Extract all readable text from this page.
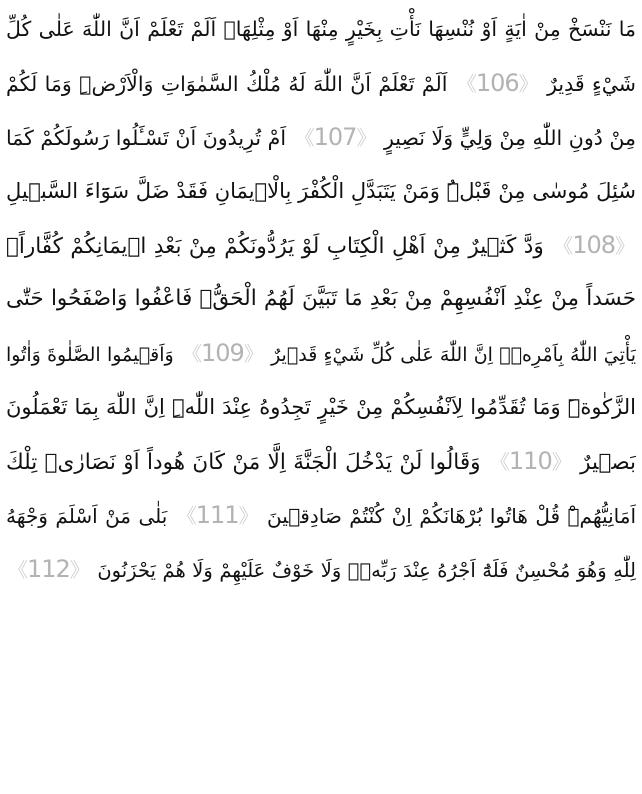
مَا نَنْسَخْ مِنْ اٰيَةٍ اَوْ نُنْسِهَا نَأْتِ بِخَيْرٍ مِنْهَا اَوْ مِثْلِهَاۜ اَلَمْ تَعْلَمْ اَنَّ اللّٰهَ عَلٰى كُلِّ
شَيْءٍ قَدِيرٌ 《106》 اَلَمْ تَعْلَمْ اَنَّ اللّٰهَ لَهُ مُلْكُ السَّمٰوَاتِ وَالْاَرْضِۜ وَمَا لَكُمْ
مِنْ دُونِ اللّٰهِ مِنْ وَلِيٍّ وَلَا نَصِيرٍ 《107》 اَمْ تُرِيدُونَ اَنْ تَسْـَٔلُوا رَسُولَكُمْ كَمَا
سُئِلَ مُوسٰى مِنْ قَبْلُۜ وَمَنْ يَتَبَدَّلِ الْكُفْرَ بِالْا۪يمَانِ فَقَدْ ضَلَّ سَوَٓاءَ السَّب۪يلِ
《108》 وَدَّ كَث۪يرٌ مِنْ اَهْلِ الْكِتَابِ لَوْ يَرُدُّونَكُمْ مِنْ بَعْدِ ا۪يمَانِكُمْ كُفَّاراًۚ
حَسَداً مِنْ عِنْدِ اَنْفُسِهِمْ مِنْ بَعْدِ مَا تَبَيَّنَ لَهُمُ الْحَقُّۚ فَاعْفُوا وَاصْفَحُوا حَتّٰى
يَأْتِيَ اللّٰهُ بِاَمْرِه۪ۜ اِنَّ اللّٰهَ عَلٰى كُلِّ شَيْءٍ قَد۪يرٌ 《109》 وَاَق۪يمُوا الصَّلٰوةَ وَاٰتُوا
الزَّكٰوةَۜ وَمَا تُقَدِّمُوا لِاَنْفُسِكُمْ مِنْ خَيْرٍ تَجِدُوهُ عِنْدَ اللّٰهِۜ اِنَّ اللّٰهَ بِمَا تَعْمَلُونَ
بَص۪يرٌ 《110》 وَقَالُوا لَنْ يَدْخُلَ الْجَنَّةَ اِلَّا مَنْ كَانَ هُوداً اَوْ نَصَارٰىۜ تِلْكَ
اَمَانِيُّهُمْۜ قُلْ هَاتُوا بُرْهَانَكُمْ اِنْ كُنْتُمْ صَادِق۪ينَ 《111》 بَلٰى مَنْ اَسْلَمَ وَجْهَهُ
لِلّٰهِ وَهُوَ مُحْسِنٌ فَلَهُٓ اَجْرُهُ عِنْدَ رَبِّه۪ۖ وَلَا خَوْفٌ عَلَيْهِمْ وَلَا هُمْ يَحْزَنُونَ 《112》
